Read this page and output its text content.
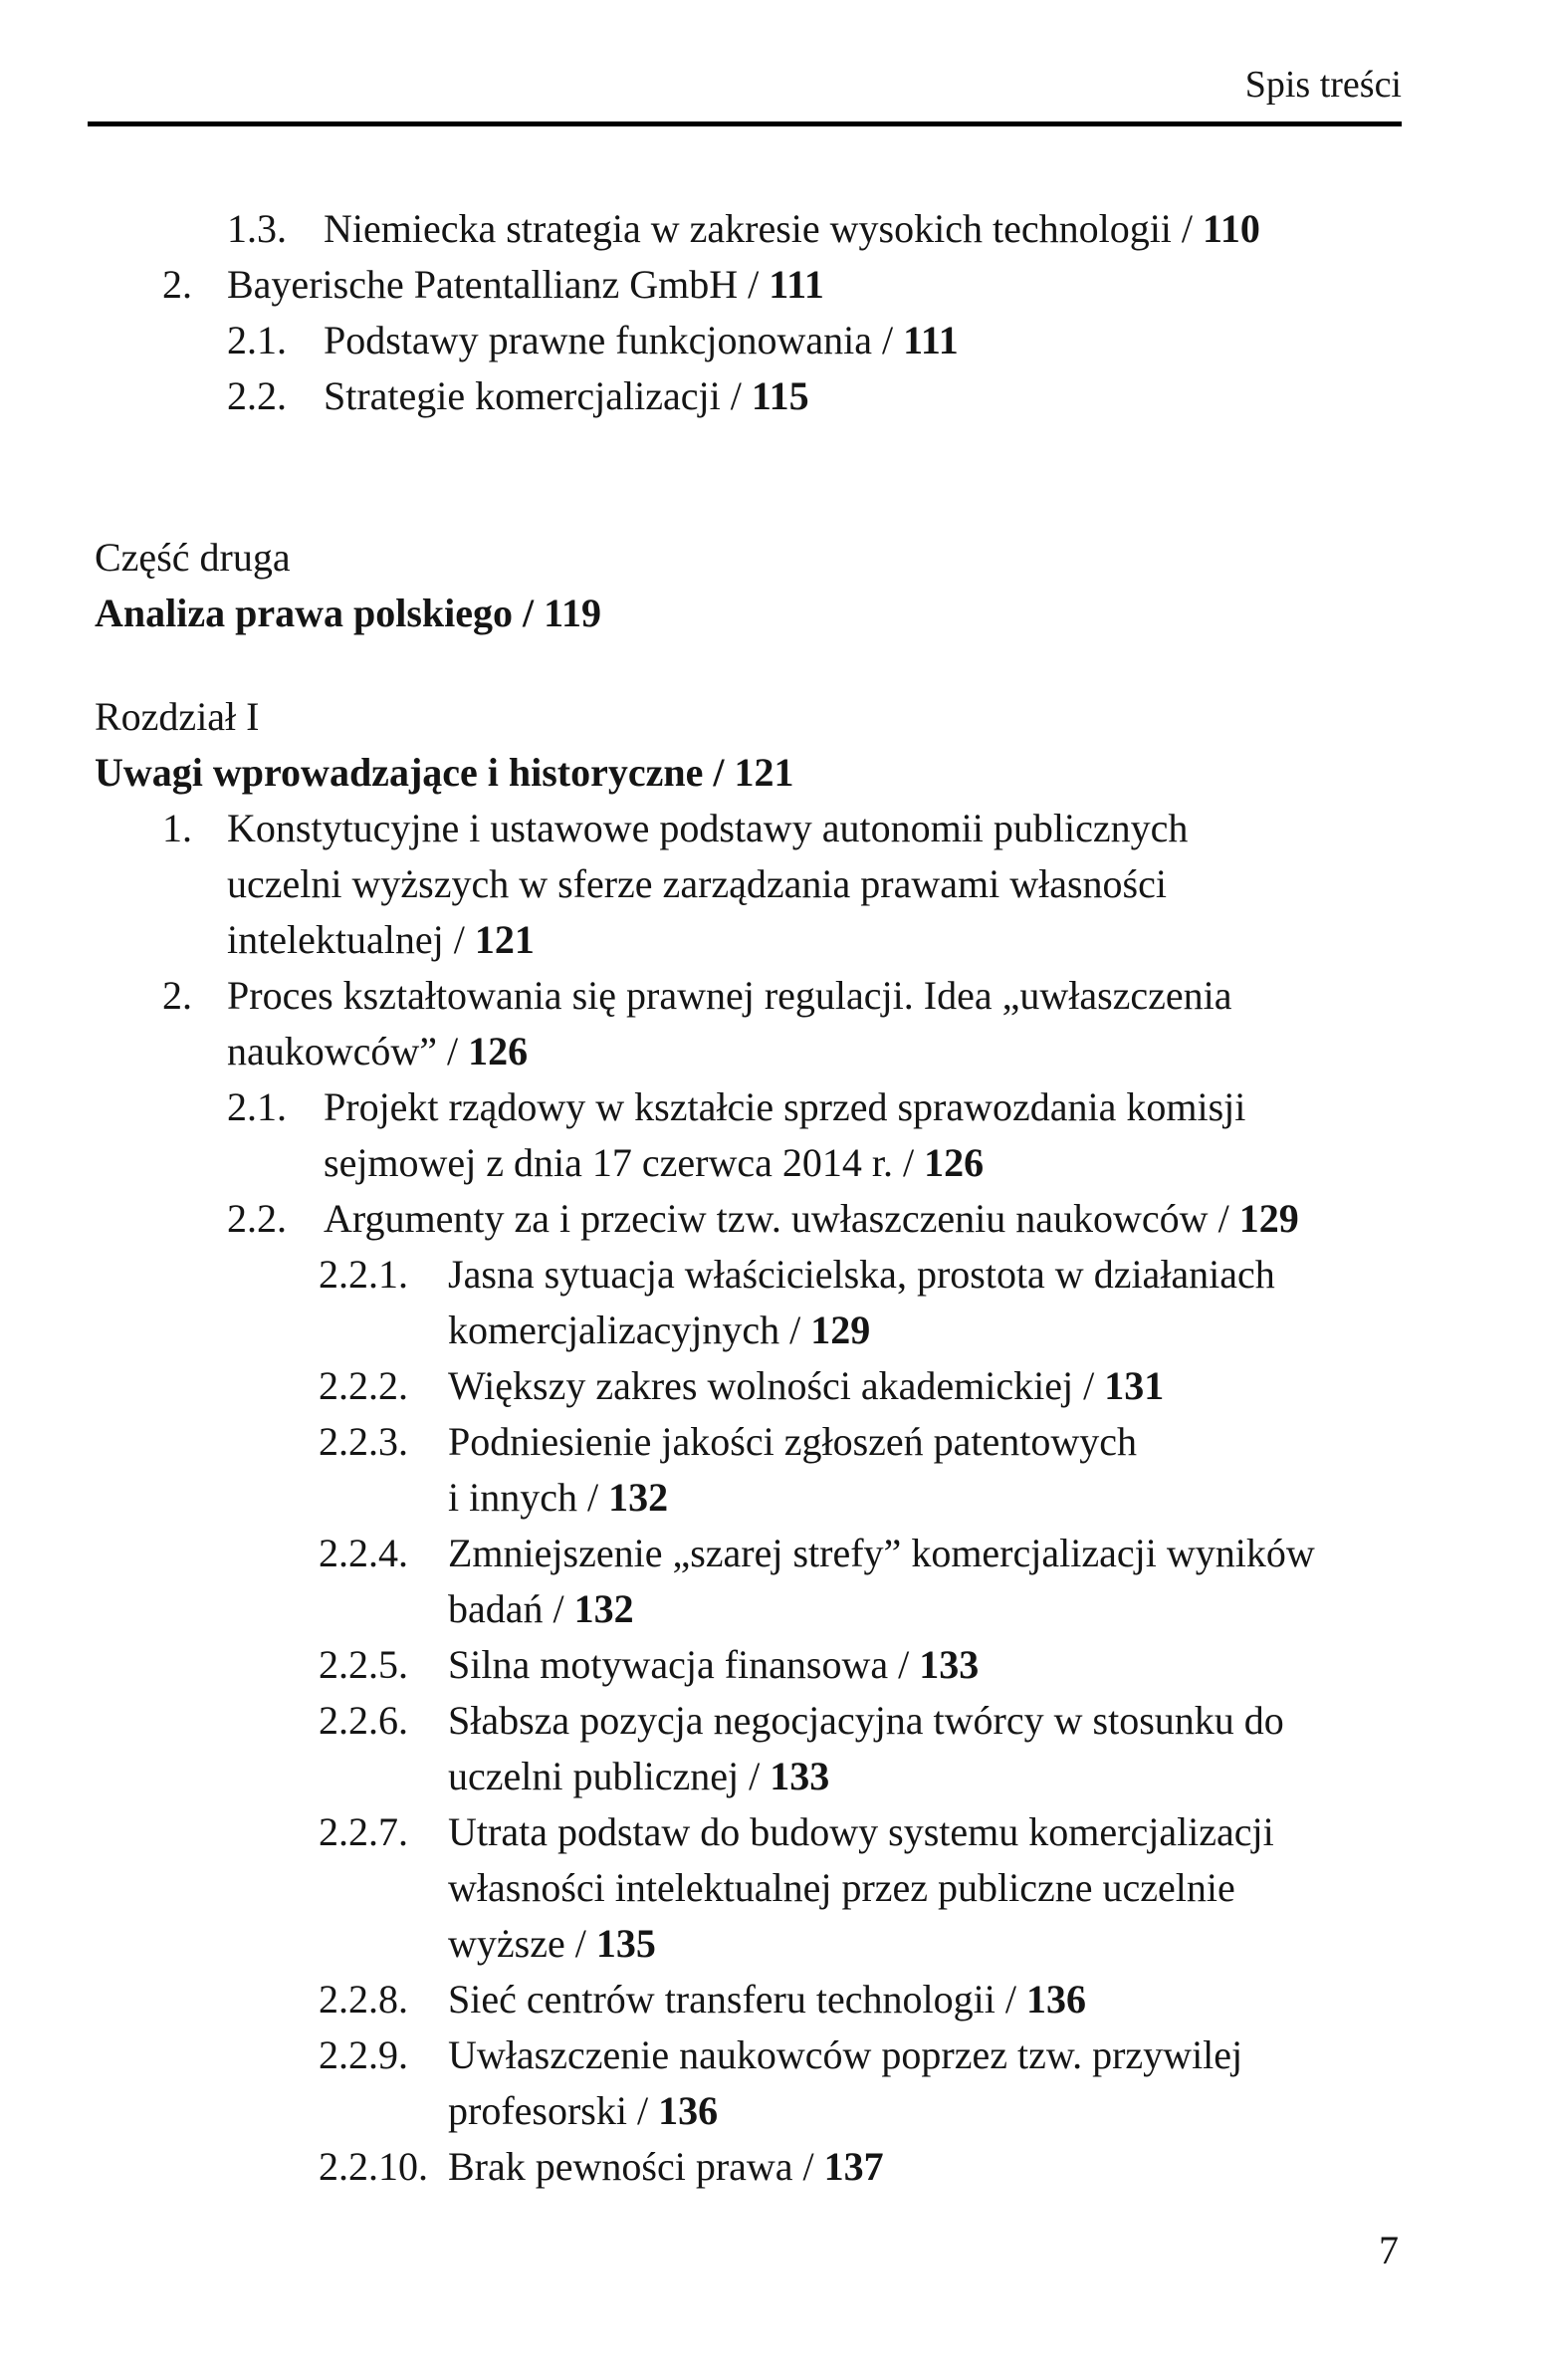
Spis treści
1.3. Niemiecka strategia w zakresie wysokich technologii / 110
2. Bayerische Patentallianz GmbH / 111
2.1. Podstawy prawne funkcjonowania / 111
2.2. Strategie komercjalizacji / 115
Część druga
Analiza prawa polskiego / 119
Rozdział I
Uwagi wprowadzające i historyczne / 121
1. Konstytucyjne i ustawowe podstawy autonomii publicznych
uczelni wyższych w sferze zarządzania prawami własności
intelektualnej / 121
2. Proces kształtowania się prawnej regulacji. Idea „uwłaszczenia
naukowców” / 126
2.1. Projekt rządowy w kształcie sprzed sprawozdania komisji
sejmowej z dnia 17 czerwca 2014 r. / 126
2.2. Argumenty za i przeciw tzw. uwłaszczeniu naukowców / 129
2.2.1.	Jasna sytuacja właścicielska, prostota w działaniach
komercjalizacyjnych / 129
2.2.2.	Większy zakres wolności akademickiej / 131
2.2.3.	Podniesienie jakości zgłoszeń patentowych
i innych / 132
2.2.4.	Zmniejszenie „szarej strefy” komercjalizacji wyników
badań / 132
2.2.5.	Silna motywacja finansowa / 133
2.2.6.	Słabsza pozycja negocjacyjna twórcy w stosunku do
uczelni publicznej / 133
2.2.7.	Utrata podstaw do budowy systemu komercjalizacji
własności intelektualnej przez publiczne uczelnie
wyższe / 135
2.2.8.	Sieć centrów transferu technologii / 136
2.2.9.	Uwłaszczenie naukowców poprzez tzw. przywilej
profesorski / 136
2.2.10. Brak pewności prawa / 137
7
